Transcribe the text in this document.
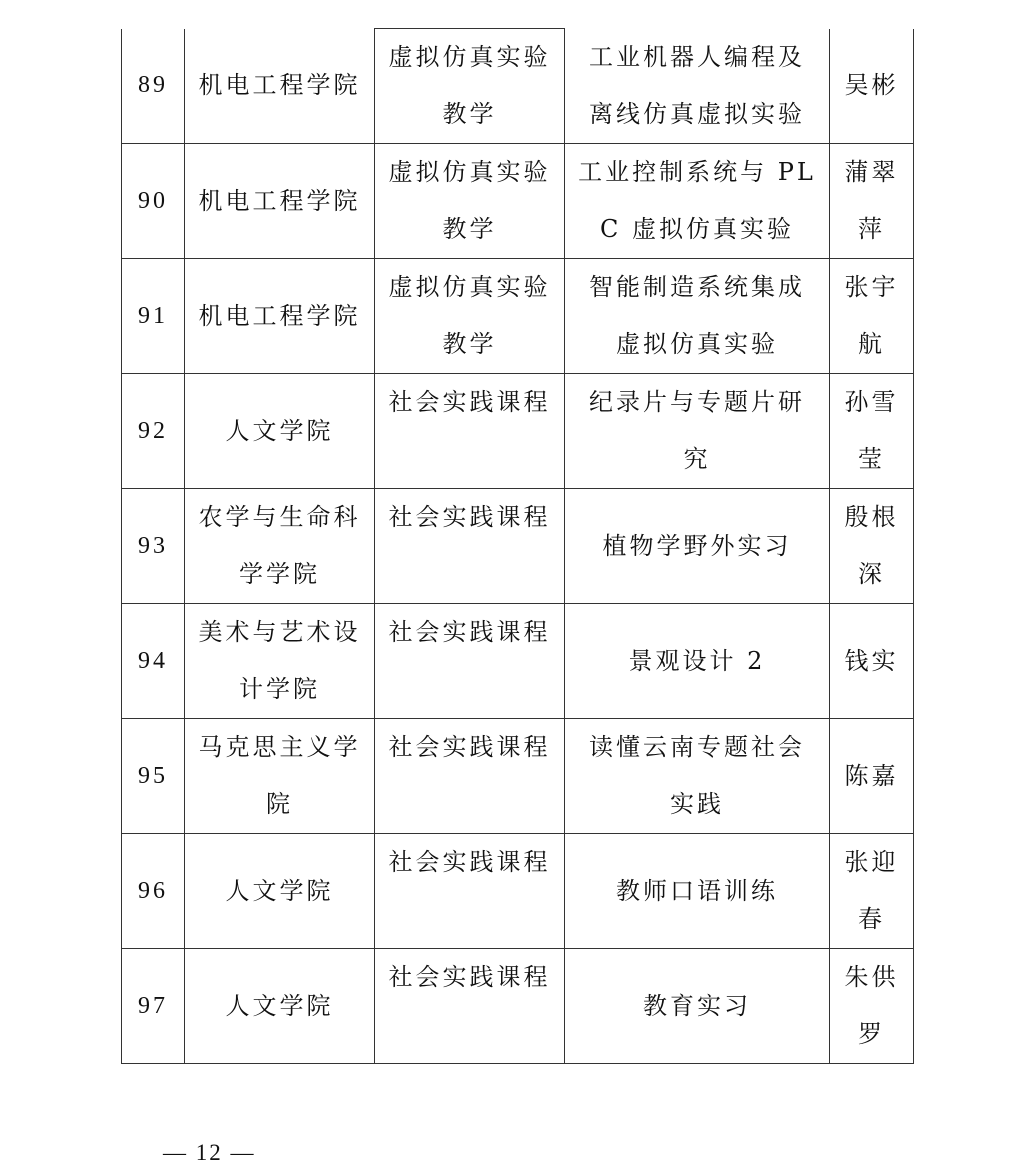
89	机电工程学院	虚拟仿真实验教学	工业机器人编程及离线仿真虚拟实验	吴彬

90	机电工程学院	虚拟仿真实验教学	工业控制系统与 PLC 虚拟仿真实验	蒲翠萍

91	机电工程学院	虚拟仿真实验教学	智能制造系统集成虚拟仿真实验	张宇航

92	人文学院	社会实践课程	纪录片与专题片研究	孙雪莹

93	农学与生命科学学院	社会实践课程	植物学野外实习	殷根深

94	美术与艺术设计学院	社会实践课程	景观设计 2	钱实

95	马克思主义学院	社会实践课程	读懂云南专题社会实践	陈嘉

96	人文学院	社会实践课程	教师口语训练	张迎春

97	人文学院	社会实践课程	教育实习	朱供罗
— 12 —
